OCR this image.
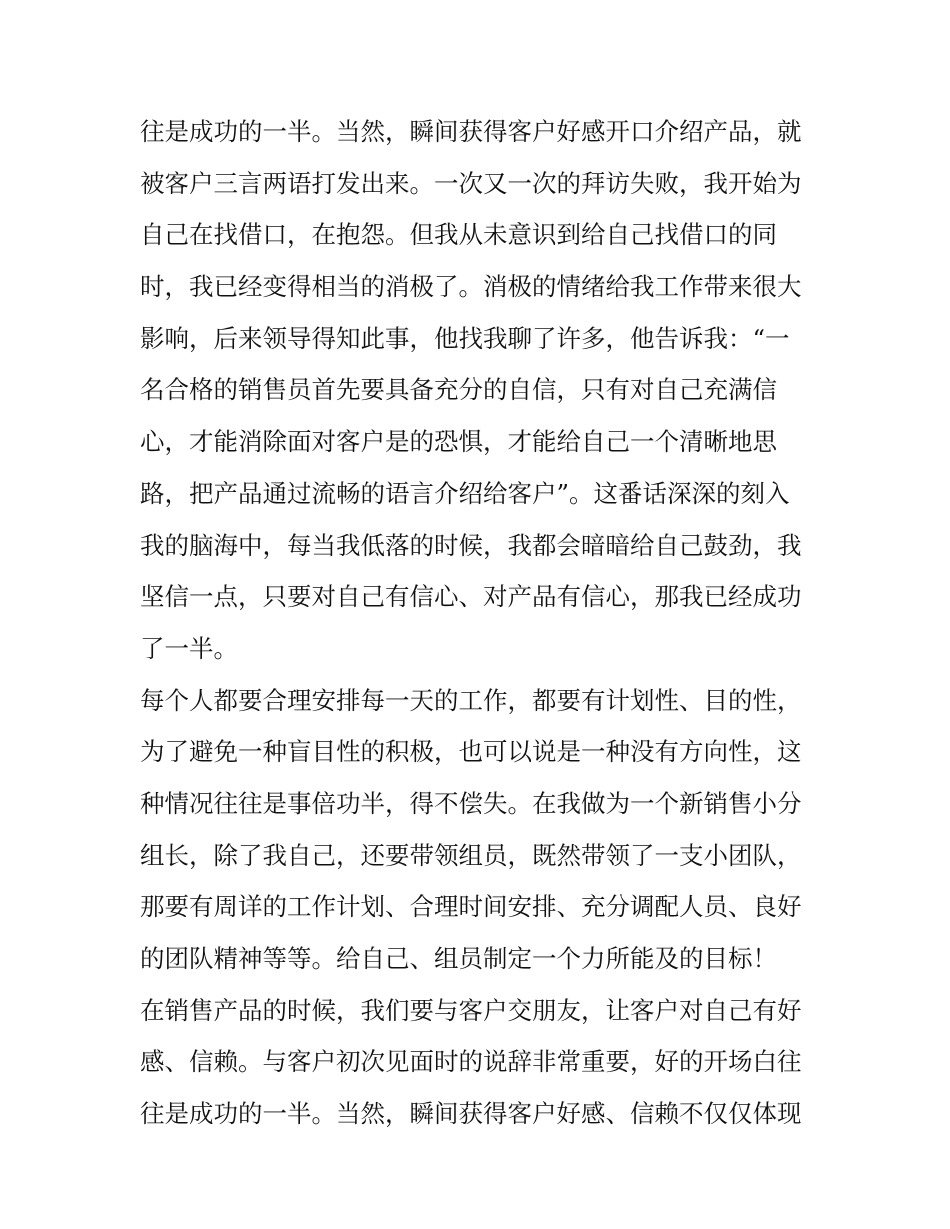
往是成功的一半。当然，瞬间获得客户好感开口介绍产品，就
被客户三言两语打发出来。一次又一次的拜访失败，我开始为
自己在找借口，在抱怨。但我从未意识到给自己找借口的同
时，我已经变得相当的消极了。消极的情绪给我工作带来很大
影响，后来领导得知此事，他找我聊了许多，他告诉我：“一
名合格的销售员首先要具备充分的自信，只有对自己充满信
心，才能消除面对客户是的恐惧，才能给自己一个清晰地思
路，把产品通过流畅的语言介绍给客户”。这番话深深的刻入
我的脑海中，每当我低落的时候，我都会暗暗给自己鼓劲，我
坚信一点，只要对自己有信心、对产品有信心，那我已经成功
了一半。
每个人都要合理安排每一天的工作，都要有计划性、目的性，
为了避免一种盲目性的积极，也可以说是一种没有方向性，这
种情况往往是事倍功半，得不偿失。在我做为一个新销售小分
组长，除了我自己，还要带领组员，既然带领了一支小团队，
那要有周详的工作计划、合理时间安排、充分调配人员、良好
的团队精神等等。给自己、组员制定一个力所能及的目标！
在销售产品的时候，我们要与客户交朋友，让客户对自己有好
感、信赖。与客户初次见面时的说辞非常重要，好的开场白往
往是成功的一半。当然，瞬间获得客户好感、信赖不仅仅体现
